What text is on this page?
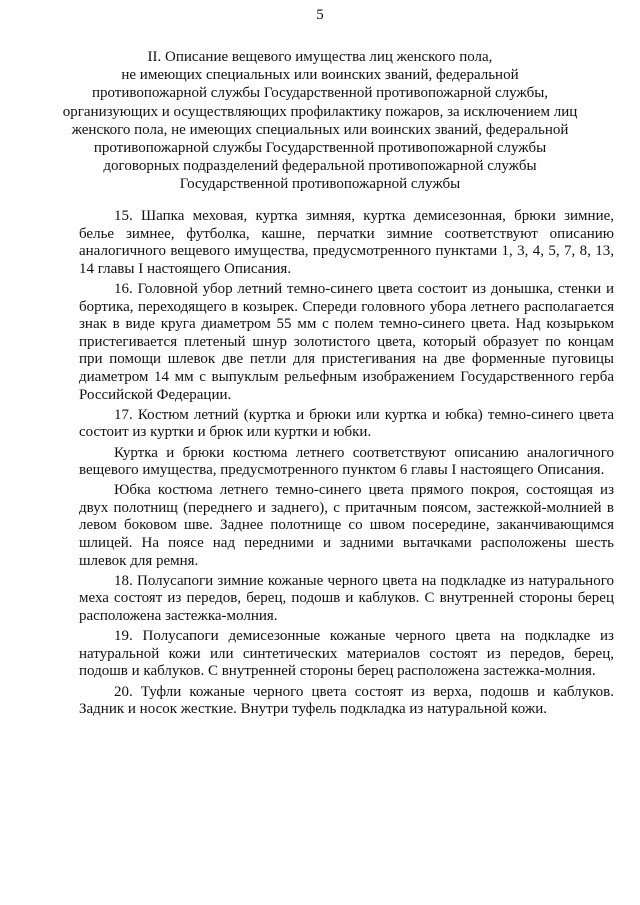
5
II. Описание вещевого имущества лиц женского пола,
не имеющих специальных или воинских званий, федеральной
противопожарной службы Государственной противопожарной службы,
организующих и осуществляющих профилактику пожаров, за исключением лиц
женского пола, не имеющих специальных или воинских званий, федеральной
противопожарной службы Государственной противопожарной службы
договорных подразделений федеральной противопожарной службы
Государственной противопожарной службы

15. Шапка меховая, куртка зимняя, куртка демисезонная, брюки зимние, белье зимнее, футболка, кашне, перчатки зимние соответствуют описанию аналогичного вещевого имущества, предусмотренного пунктами 1, 3, 4, 5, 7, 8, 13, 14 главы I настоящего Описания.

16. Головной убор летний темно-синего цвета состоит из донышка, стенки и бортика, переходящего в козырек. Спереди головного убора летнего располагается знак в виде круга диаметром 55 мм с полем темно-синего цвета. Над козырьком пристегивается плетеный шнур золотистого цвета, который образует по концам при помощи шлевок две петли для пристегивания на две форменные пуговицы диаметром 14 мм с выпуклым рельефным изображением Государственного герба Российской Федерации.

17. Костюм летний (куртка и брюки или куртка и юбка) темно-синего цвета состоит из куртки и брюк или куртки и юбки.

Куртка и брюки костюма летнего соответствуют описанию аналогичного вещевого имущества, предусмотренного пунктом 6 главы I настоящего Описания.

Юбка костюма летнего темно-синего цвета прямого покроя, состоящая из двух полотнищ (переднего и заднего), с притачным поясом, застежкой-молнией в левом боковом шве. Заднее полотнище со швом посередине, заканчивающимся шлицей. На поясе над передними и задними вытачками расположены шесть шлевок для ремня.

18. Полусапоги зимние кожаные черного цвета на подкладке из натурального меха состоят из передов, берец, подошв и каблуков. С внутренней стороны берец расположена застежка-молния.

19. Полусапоги демисезонные кожаные черного цвета на подкладке из натуральной кожи или синтетических материалов состоят из передов, берец, подошв и каблуков. С внутренней стороны берец расположена застежка-молния.

20. Туфли кожаные черного цвета состоят из верха, подошв и каблуков. Задник и носок жесткие. Внутри туфель подкладка из натуральной кожи.
